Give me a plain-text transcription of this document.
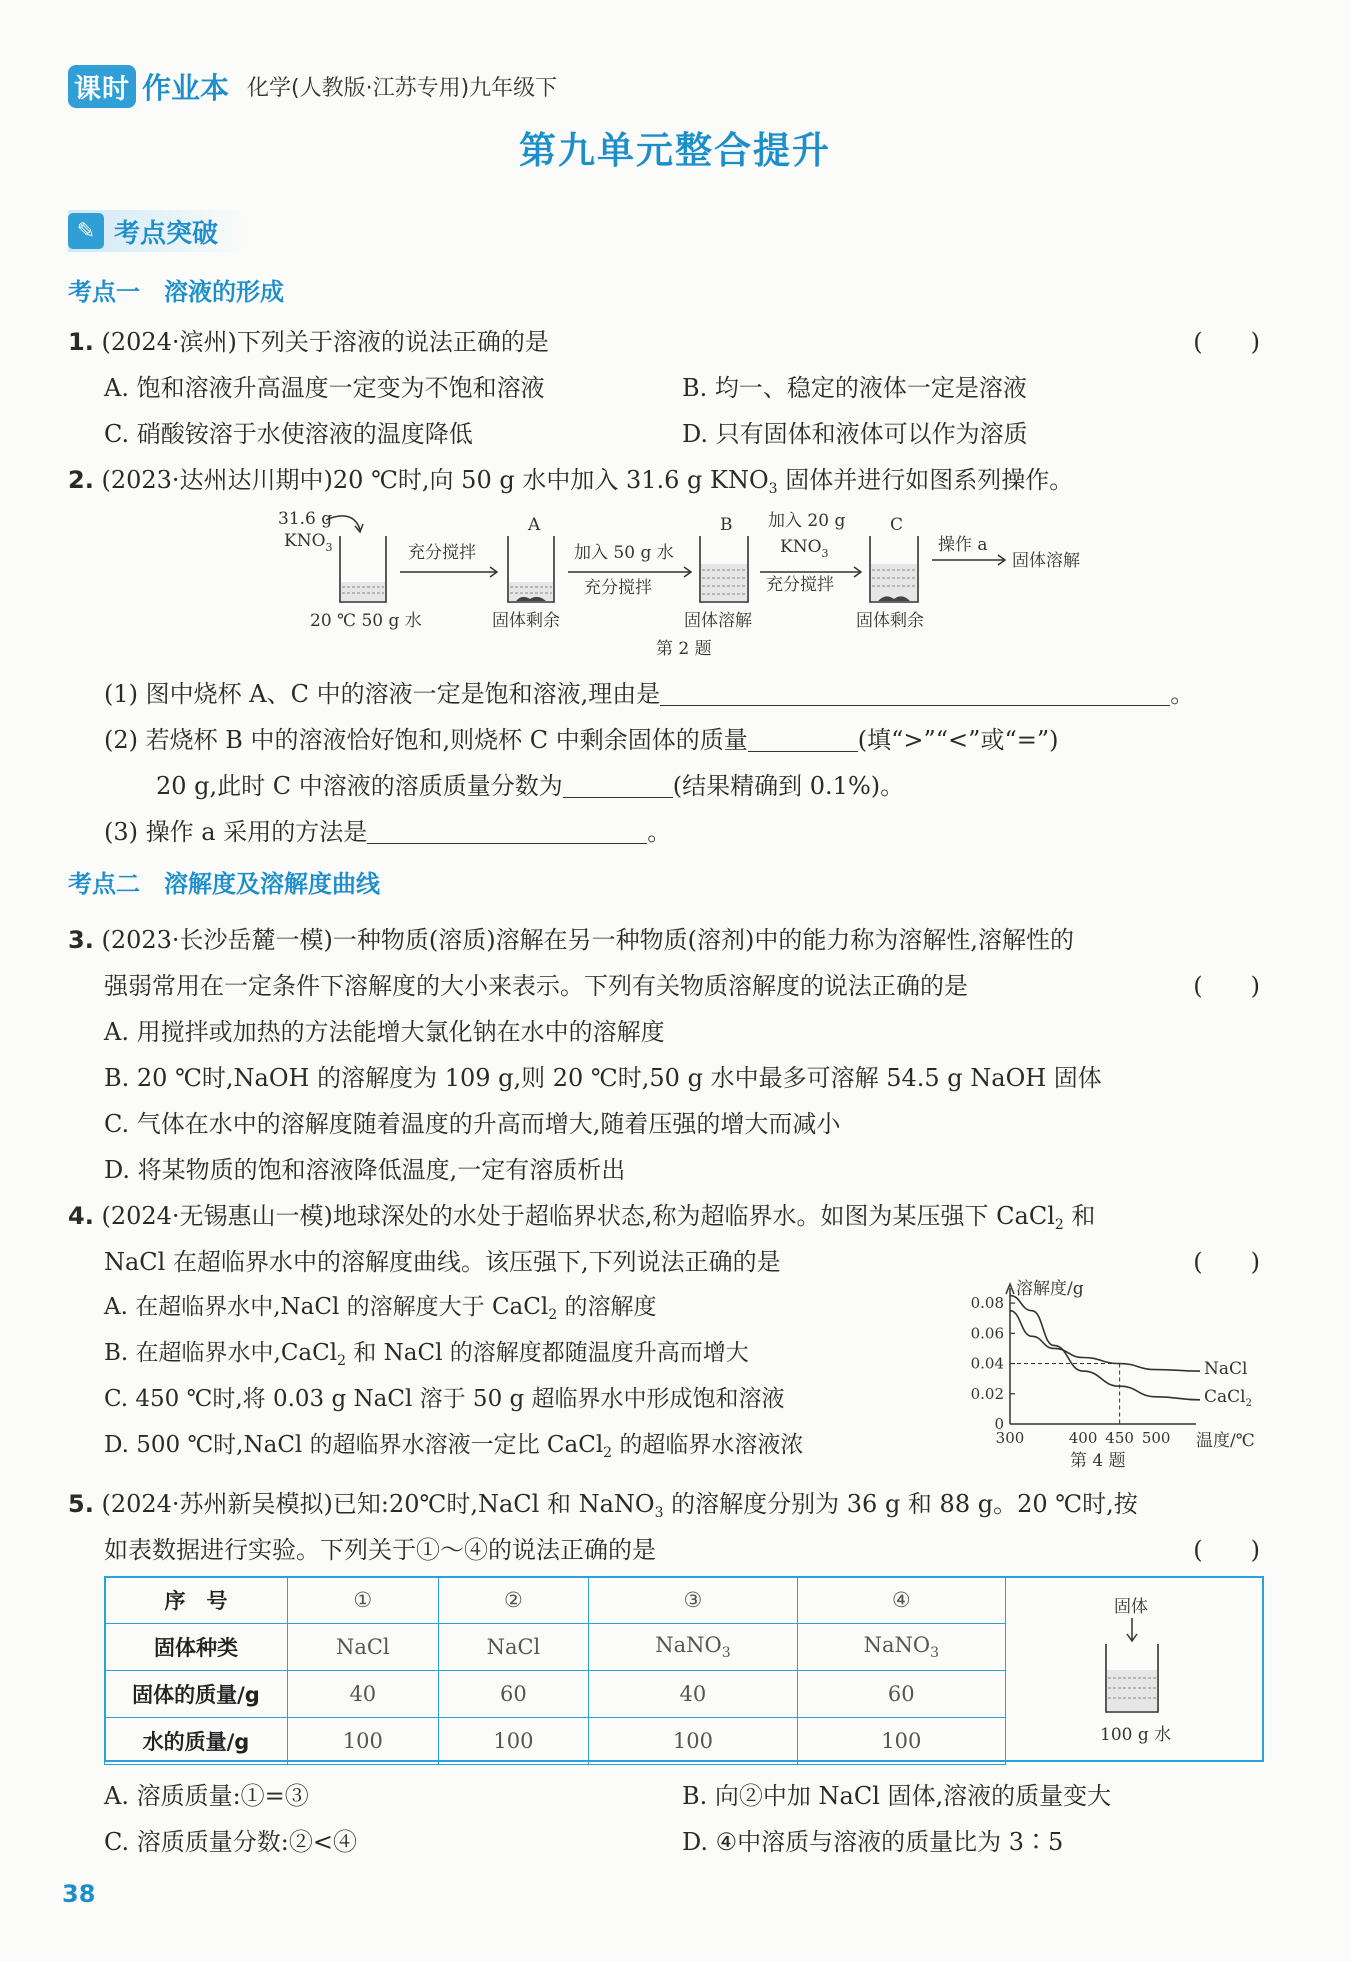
课时 作业本 化学(人教版·江苏专用)九年级下
第九单元整合提升
✎ 考点突破
考点一　溶液的形成
1. (2024·滨州)下列关于溶液的说法正确的是	(　　)
A. 饱和溶液升高温度一定变为不饱和溶液	B. 均一、稳定的液体一定是溶液
C. 硝酸铵溶于水使溶液的温度降低	D. 只有固体和液体可以作为溶质
2. (2023·达州达川期中)20 ℃时,向 50 g 水中加入 31.6 g $KNO_3$ 固体并进行如图系列操作。
31.6 g
$KNO_3$
20 ℃ 50 g 水
充分搅拌
A
固体剩余
加入 50 g 水
充分搅拌
B
固体溶解
加入 20 g
$KNO_3$
充分搅拌
C
固体剩余
操作 a
固体溶解
第 2 题
(1) 图中烧杯 A、C 中的溶液一定是饱和溶液,理由是	。
(2) 若烧杯 B 中的溶液恰好饱和,则烧杯 C 中剩余固体的质量	(填“>”“<”或“=”)
20 g,此时 C 中溶液的溶质质量分数为	(结果精确到 0.1%)。
(3) 操作 a 采用的方法是	。
考点二　溶解度及溶解度曲线
3. (2023·长沙岳麓一模)一种物质(溶质)溶解在另一种物质(溶剂)中的能力称为溶解性,溶解性的
强弱常用在一定条件下溶解度的大小来表示。下列有关物质溶解度的说法正确的是	(　　)
A. 用搅拌或加热的方法能增大氯化钠在水中的溶解度
B. 20 ℃时,NaOH 的溶解度为 109 g,则 20 ℃时,50 g 水中最多可溶解 54.5 g NaOH 固体
C. 气体在水中的溶解度随着温度的升高而增大,随着压强的增大而减小
D. 将某物质的饱和溶液降低温度,一定有溶质析出
4. (2024·无锡惠山一模)地球深处的水处于超临界状态,称为超临界水。如图为某压强下 CaCl$_2$ 和
NaCl 在超临界水中的溶解度曲线。该压强下,下列说法正确的是	(　　)
A. 在超临界水中,NaCl 的溶解度大于 CaCl$_2$ 的溶解度
B. 在超临界水中,CaCl$_2$ 和 NaCl 的溶解度都随温度升高而增大
C. 450 ℃时,将 0.03 g NaCl 溶于 50 g 超临界水中形成饱和溶液
D. 500 ℃时,NaCl 的超临界水溶液一定比 CaCl$_2$ 的超临界水溶液浓
溶解度/g
温度/℃
第 4 题
NaCl
CaCl$_2$
0
0.02
0.04
0.06
0.08
300	400 450 500
5. (2024·苏州新吴模拟)已知:20℃时,NaCl 和 NaNO$_3$ 的溶解度分别为 36 g 和 88 g。20 ℃时,按
如表数据进行实验。下列关于①～④的说法正确的是	(　　)
序　号	①	②	③	④
固体种类	NaCl	NaCl	NaNO$_3$	NaNO$_3$
固体的质量/g	40	60	40	60
水的质量/g	100	100	100	100
固体
100 g 水
A. 溶质质量:①=③	B. 向②中加 NaCl 固体,溶液的质量变大
C. 溶质质量分数:②<④	D. ④中溶质与溶液的质量比为 3∶5
38
